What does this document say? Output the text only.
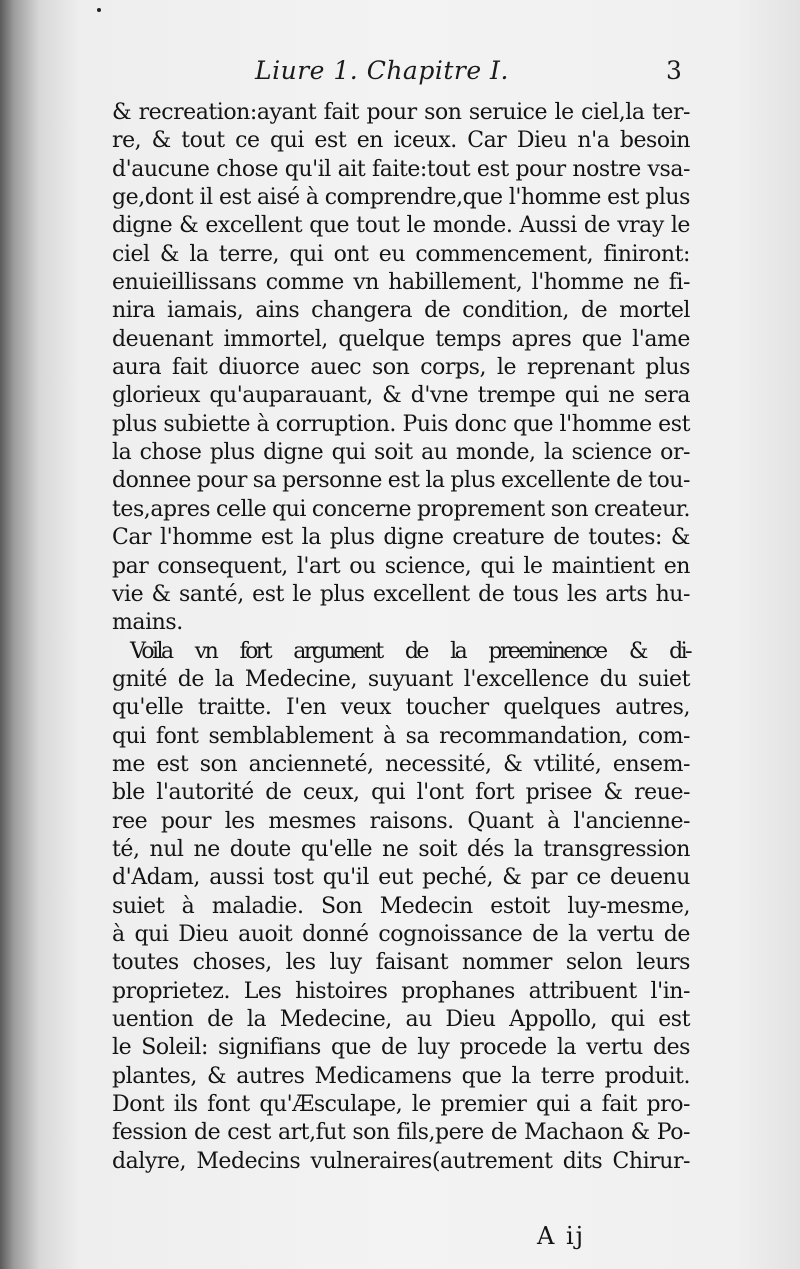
Liure 1. Chapitre I.	3
& recreation:ayant fait pour son seruice le ciel,la ter-
re, & tout ce qui est en iceux. Car Dieu n'a besoin
d'aucune chose qu'il ait faite:tout est pour nostre vsa-
ge,dont il est aisé à comprendre,que l'homme est plus
digne & excellent que tout le monde. Aussi de vray le
ciel & la terre, qui ont eu commencement, finiront:
enuieillissans comme vn habillement, l'homme ne fi-
nira iamais, ains changera de condition, de mortel
deuenant immortel, quelque temps apres que l'ame
aura fait diuorce auec son corps, le reprenant plus
glorieux qu'auparauant, & d'vne trempe qui ne sera
plus subiette à corruption. Puis donc que l'homme est
la chose plus digne qui soit au monde, la science or-
donnee pour sa personne est la plus excellente de tou-
tes,apres celle qui concerne proprement son createur.
Car l'homme est la plus digne creature de toutes: &
par consequent, l'art ou science, qui le maintient en
vie & santé, est le plus excellent de tous les arts hu-
mains.
Voila vn fort argument de la preeminence & di-
gnité de la Medecine, suyuant l'excellence du suiet
qu'elle traitte. I'en veux toucher quelques autres,
qui font semblablement à sa recommandation, com-
me est son ancienneté, necessité, & vtilité, ensem-
ble l'autorité de ceux, qui l'ont fort prisee & reue-
ree pour les mesmes raisons. Quant à l'ancienne-
té, nul ne doute qu'elle ne soit dés la transgression
d'Adam, aussi tost qu'il eut peché, & par ce deuenu
suiet à maladie. Son Medecin estoit luy-mesme,
à qui Dieu auoit donné cognoissance de la vertu de
toutes choses, les luy faisant nommer selon leurs
proprietez. Les histoires prophanes attribuent l'in-
uention de la Medecine, au Dieu Appollo, qui est
le Soleil: signifians que de luy procede la vertu des
plantes, & autres Medicamens que la terre produit.
Dont ils font qu'Æsculape, le premier qui a fait pro-
fession de cest art,fut son fils,pere de Machaon & Po-
dalyre, Medecins vulneraires(autrement dits Chirur-
A ij
